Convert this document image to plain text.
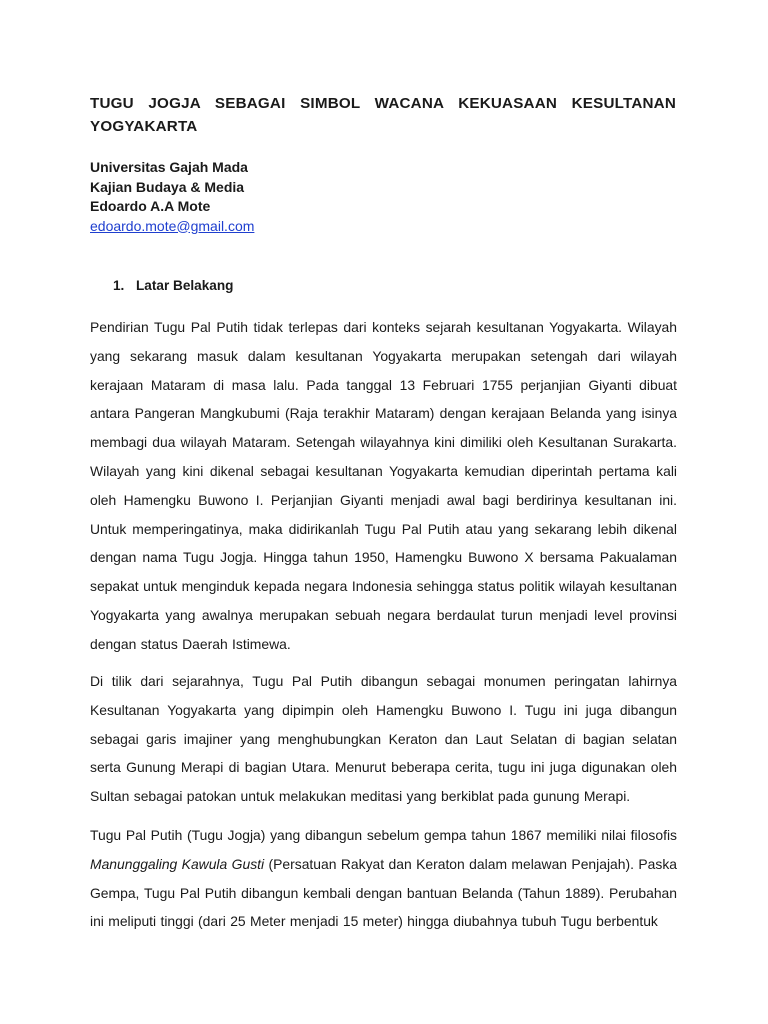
TUGU JOGJA SEBAGAI SIMBOL WACANA KEKUASAAN KESULTANAN
YOGYAKARTA
Universitas Gajah Mada
Kajian Budaya & Media
Edoardo A.A Mote
edoardo.mote@gmail.com
1. Latar Belakang
Pendirian Tugu Pal Putih tidak terlepas dari konteks sejarah kesultanan Yogyakarta. Wilayah yang sekarang masuk dalam kesultanan Yogyakarta merupakan setengah dari wilayah kerajaan Mataram di masa lalu. Pada tanggal 13 Februari 1755 perjanjian Giyanti dibuat antara Pangeran Mangkubumi (Raja terakhir Mataram) dengan kerajaan Belanda yang isinya membagi dua wilayah Mataram. Setengah wilayahnya kini dimiliki oleh Kesultanan Surakarta. Wilayah yang kini dikenal sebagai kesultanan Yogyakarta kemudian diperintah pertama kali oleh Hamengku Buwono I. Perjanjian Giyanti menjadi awal bagi berdirinya kesultanan ini. Untuk memperingatinya, maka didirikanlah Tugu Pal Putih atau yang sekarang lebih dikenal dengan nama Tugu Jogja. Hingga tahun 1950, Hamengku Buwono X bersama Pakualaman sepakat untuk menginduk kepada negara Indonesia sehingga status politik wilayah kesultanan Yogyakarta yang awalnya merupakan sebuah negara berdaulat turun menjadi level provinsi dengan status Daerah Istimewa.
Di tilik dari sejarahnya, Tugu Pal Putih dibangun sebagai monumen peringatan lahirnya Kesultanan Yogyakarta yang dipimpin oleh Hamengku Buwono I. Tugu ini juga dibangun sebagai garis imajiner yang menghubungkan Keraton dan Laut Selatan di bagian selatan serta Gunung Merapi di bagian Utara. Menurut beberapa cerita, tugu ini juga digunakan oleh Sultan sebagai patokan untuk melakukan meditasi yang berkiblat pada gunung Merapi.
Tugu Pal Putih (Tugu Jogja) yang dibangun sebelum gempa tahun 1867 memiliki nilai filosofis Manunggaling Kawula Gusti (Persatuan Rakyat dan Keraton dalam melawan Penjajah). Paska Gempa, Tugu Pal Putih dibangun kembali dengan bantuan Belanda (Tahun 1889). Perubahan ini meliputi tinggi (dari 25 Meter menjadi 15 meter) hingga diubahnya tubuh Tugu berbentuk
